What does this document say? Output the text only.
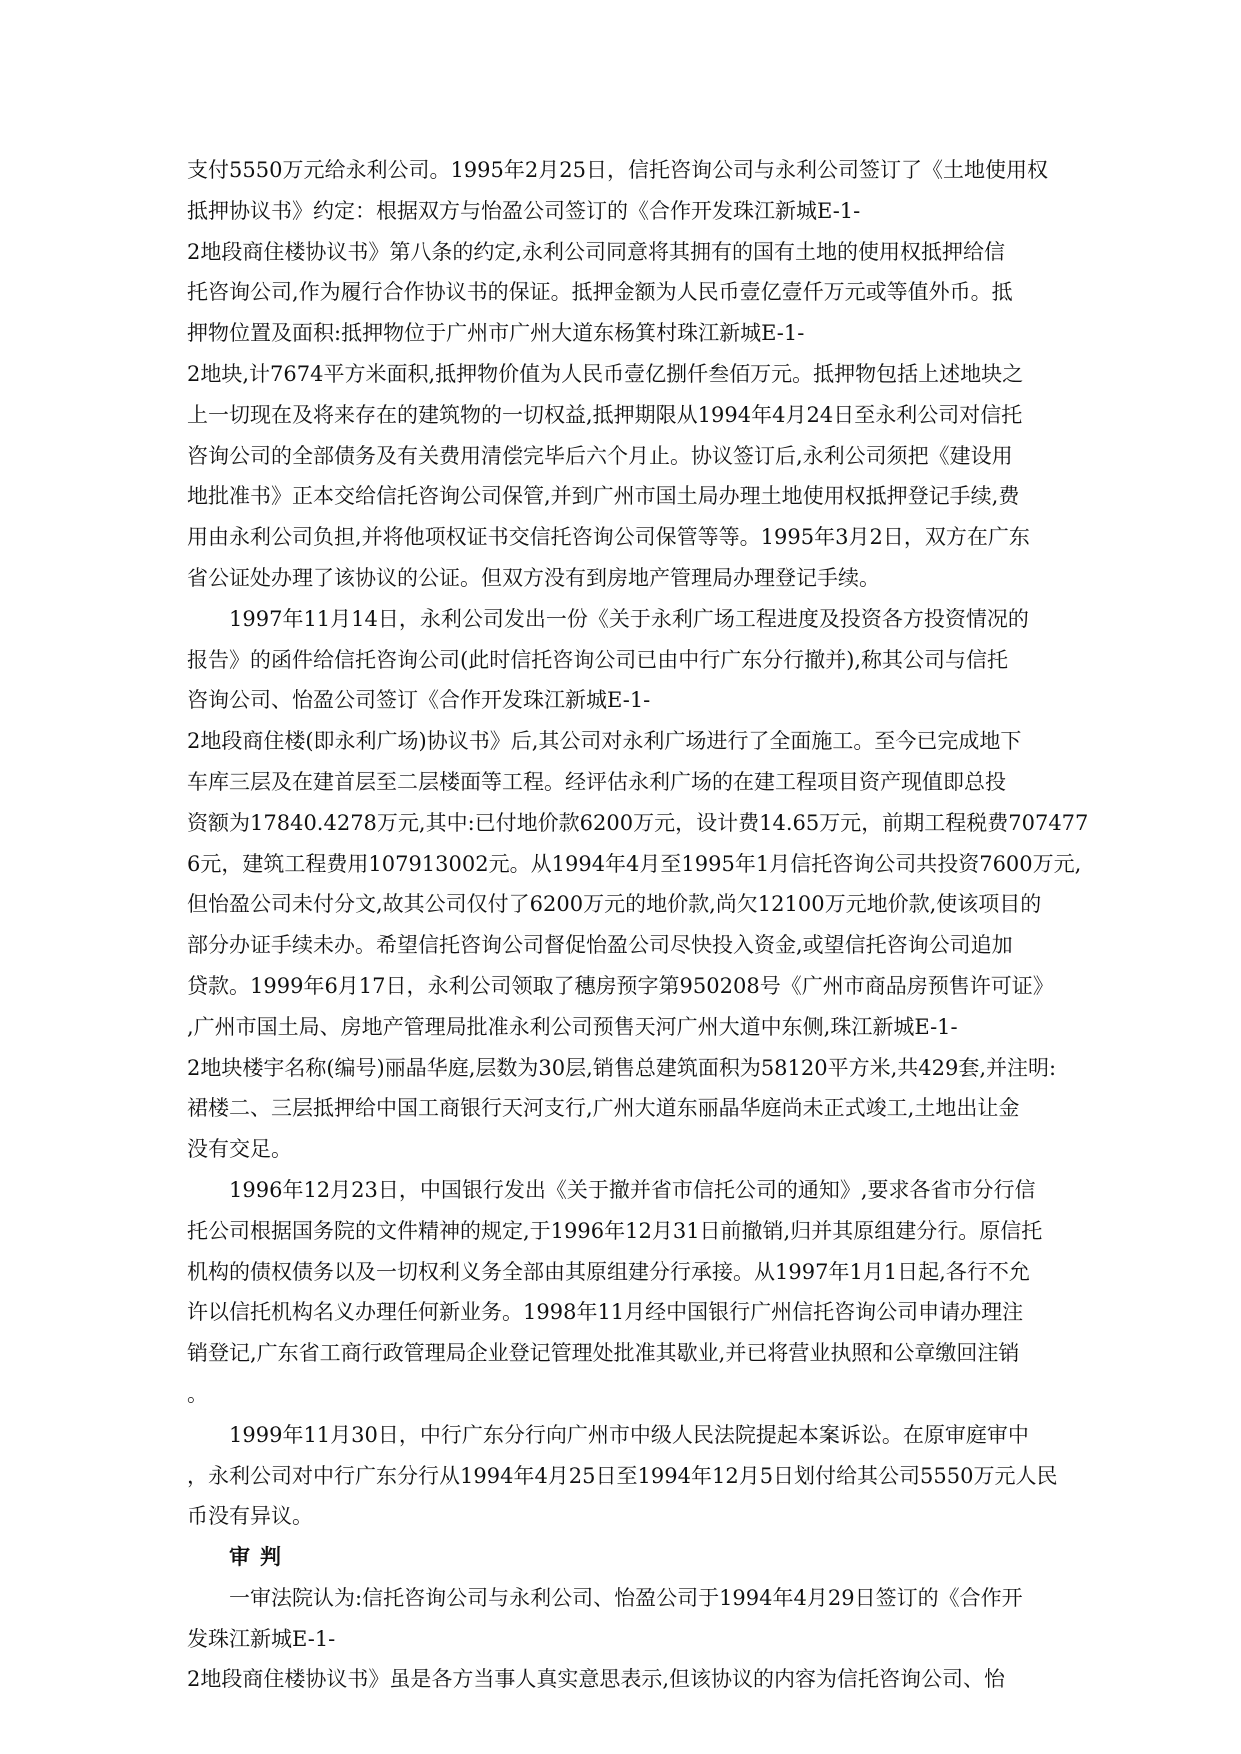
支付5550万元给永利公司。1995年2月25日，信托咨询公司与永利公司签订了《土地使用权
抵押协议书》约定：根据双方与怡盈公司签订的《合作开发珠江新城E-1-
2地段商住楼协议书》第八条的约定,永利公司同意将其拥有的国有土地的使用权抵押给信
托咨询公司,作为履行合作协议书的保证。抵押金额为人民币壹亿壹仟万元或等值外币。抵
押物位置及面积:抵押物位于广州市广州大道东杨箕村珠江新城E-1-
2地块,计7674平方米面积,抵押物价值为人民币壹亿捌仟叁佰万元。抵押物包括上述地块之
上一切现在及将来存在的建筑物的一切权益,抵押期限从1994年4月24日至永利公司对信托
咨询公司的全部债务及有关费用清偿完毕后六个月止。协议签订后,永利公司须把《建设用
地批准书》正本交给信托咨询公司保管,并到广州市国土局办理土地使用权抵押登记手续,费
用由永利公司负担,并将他项权证书交信托咨询公司保管等等。1995年3月2日，双方在广东
省公证处办理了该协议的公证。但双方没有到房地产管理局办理登记手续。
1997年11月14日，永利公司发出一份《关于永利广场工程进度及投资各方投资情况的
报告》的函件给信托咨询公司(此时信托咨询公司已由中行广东分行撤并),称其公司与信托
咨询公司、怡盈公司签订《合作开发珠江新城E-1-
2地段商住楼(即永利广场)协议书》后,其公司对永利广场进行了全面施工。至今已完成地下
车库三层及在建首层至二层楼面等工程。经评估永利广场的在建工程项目资产现值即总投
资额为17840.4278万元,其中:已付地价款6200万元，设计费14.65万元，前期工程税费707477
6元，建筑工程费用107913002元。从1994年4月至1995年1月信托咨询公司共投资7600万元,
但怡盈公司未付分文,故其公司仅付了6200万元的地价款,尚欠12100万元地价款,使该项目的
部分办证手续未办。希望信托咨询公司督促怡盈公司尽快投入资金,或望信托咨询公司追加
贷款。1999年6月17日，永利公司领取了穗房预字第950208号《广州市商品房预售许可证》
,广州市国土局、房地产管理局批准永利公司预售天河广州大道中东侧,珠江新城E-1-
2地块楼宇名称(编号)丽晶华庭,层数为30层,销售总建筑面积为58120平方米,共429套,并注明:
裙楼二、三层抵押给中国工商银行天河支行,广州大道东丽晶华庭尚未正式竣工,土地出让金
没有交足。
1996年12月23日，中国银行发出《关于撤并省市信托公司的通知》,要求各省市分行信
托公司根据国务院的文件精神的规定,于1996年12月31日前撤销,归并其原组建分行。原信托
机构的债权债务以及一切权利义务全部由其原组建分行承接。从1997年1月1日起,各行不允
许以信托机构名义办理任何新业务。1998年11月经中国银行广州信托咨询公司申请办理注
销登记,广东省工商行政管理局企业登记管理处批准其歇业,并已将营业执照和公章缴回注销
。
1999年11月30日，中行广东分行向广州市中级人民法院提起本案诉讼。在原审庭审中
，永利公司对中行广东分行从1994年4月25日至1994年12月5日划付给其公司5550万元人民
币没有异议。
审判
一审法院认为:信托咨询公司与永利公司、怡盈公司于1994年4月29日签订的《合作开
发珠江新城E-1-
2地段商住楼协议书》虽是各方当事人真实意思表示,但该协议的内容为信托咨询公司、怡
